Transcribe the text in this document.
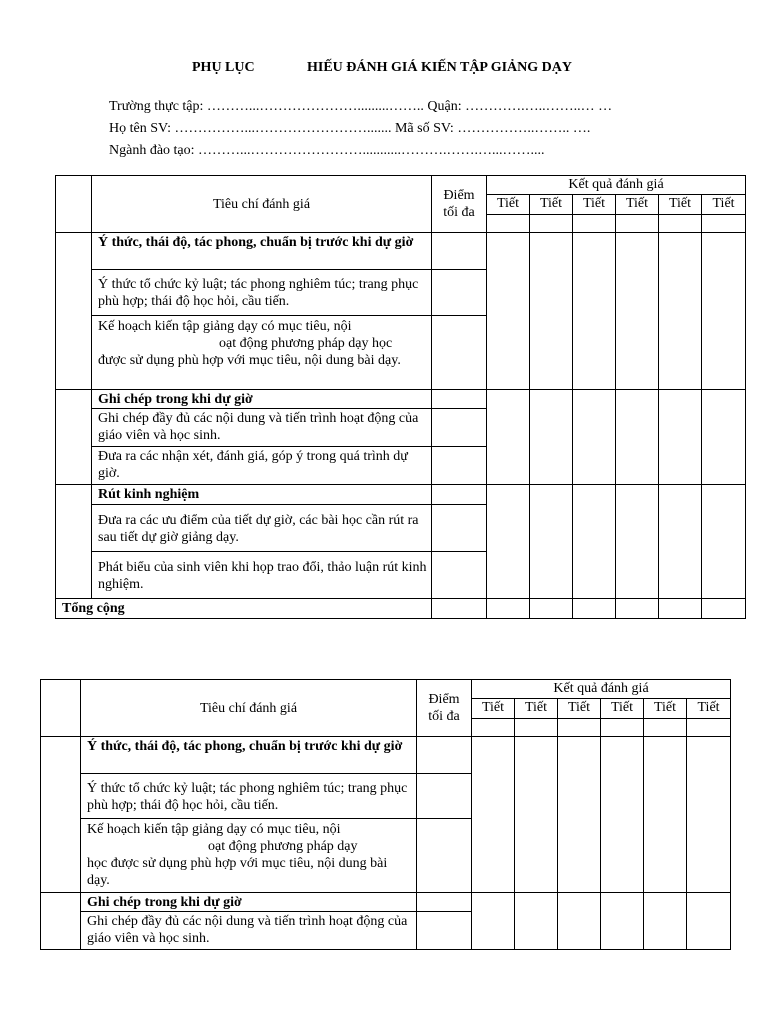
PHỤ LỤC	HIẾU ĐÁNH GIÁ KIẾN TẬP GIẢNG DẠY
Trường thực tập: ………...………………….........…….. Quận: ………….…..……..… …
Họ tên SV: ……………...……………………....... Mã số SV: ……………..…….. ….
Ngành đào tạo: ………...……………………...........……….…….…...……....
	Tiêu chí đánh giá	Điểm
tối đa	Kết quả đánh giá					
			Tiết	Tiết	Tiết	Tiết	Tiết	Tiết

	Ý thức, thái độ, tác phong, chuẩn bị trước khi dự giờ							
	Ý thức tổ chức kỷ luật; tác phong nghiêm túc; trang phục phù hợp; thái độ học hỏi, cầu tiến.							
	Kế hoạch kiến tập giảng dạy có mục tiêu, nội
oạt động phương pháp dạy học
được sử dụng phù hợp với mục tiêu, nội dung bài dạy.							
	Ghi chép trong khi dự giờ							
	Ghi chép đầy đủ các nội dung và tiến trình hoạt động của giáo viên và học sinh.							
	Đưa ra các nhận xét, đánh giá, góp ý trong quá trình dự giờ.							
	Rút kinh nghiệm							
	Đưa ra các ưu điểm của tiết dự giờ, các bài học cần rút ra sau tiết dự giờ giảng dạy.							
	Phát biểu của sinh viên khi họp trao đổi, thảo luận rút kinh nghiệm.							
Tổng cộng								
	Tiêu chí đánh giá	Điểm
tối đa	Kết quả đánh giá					
			Tiết	Tiết	Tiết	Tiết	Tiết	Tiết

	Ý thức, thái độ, tác phong, chuẩn bị trước khi dự giờ							
	Ý thức tổ chức kỷ luật; tác phong nghiêm túc; trang phục phù hợp; thái độ học hỏi, cầu tiến.							
	Kế hoạch kiến tập giảng dạy có mục tiêu, nội
oạt động phương pháp dạy
học được sử dụng phù hợp với mục tiêu, nội dung bài dạy.							
	Ghi chép trong khi dự giờ							
	Ghi chép đầy đủ các nội dung và tiến trình hoạt động của giáo viên và học sinh.							
